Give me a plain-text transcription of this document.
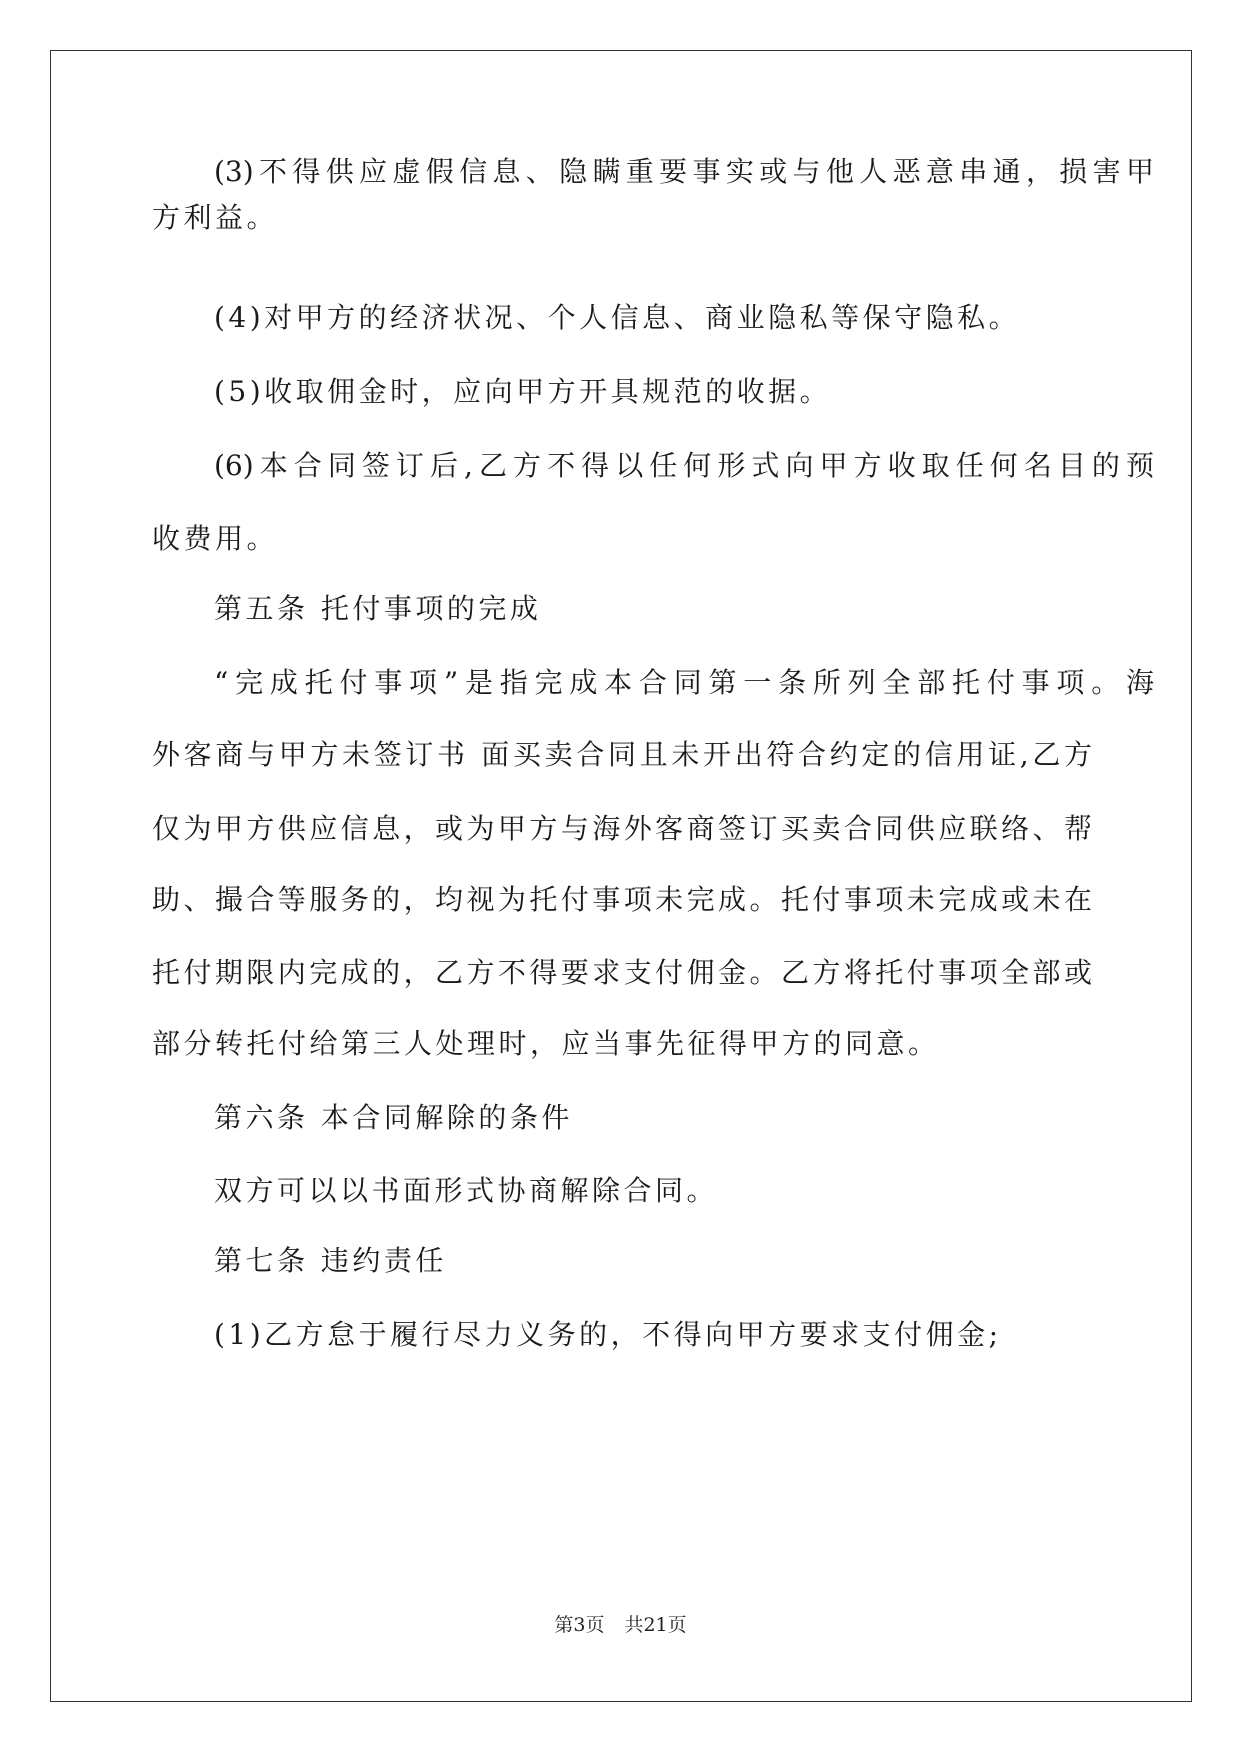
(3)不得供应虚假信息、隐瞒重要事实或与他人恶意串通，损害甲
方利益。
(4)对甲方的经济状况、个人信息、商业隐私等保守隐私。
(5)收取佣金时，应向甲方开具规范的收据。
(6)本合同签订后,乙方不得以任何形式向甲方收取任何名目的预
收费用。
第五条 托付事项的完成
“完成托付事项”是指完成本合同第一条所列全部托付事项。海
外客商与甲方未签订书 面买卖合同且未开出符合约定的信用证,乙方
仅为甲方供应信息，或为甲方与海外客商签订买卖合同供应联络、帮
助、撮合等服务的，均视为托付事项未完成。托付事项未完成或未在
托付期限内完成的，乙方不得要求支付佣金。乙方将托付事项全部或
部分转托付给第三人处理时，应当事先征得甲方的同意。
第六条 本合同解除的条件
双方可以以书面形式协商解除合同。
第七条 违约责任
(1)乙方怠于履行尽力义务的，不得向甲方要求支付佣金;
第3页 共21页
